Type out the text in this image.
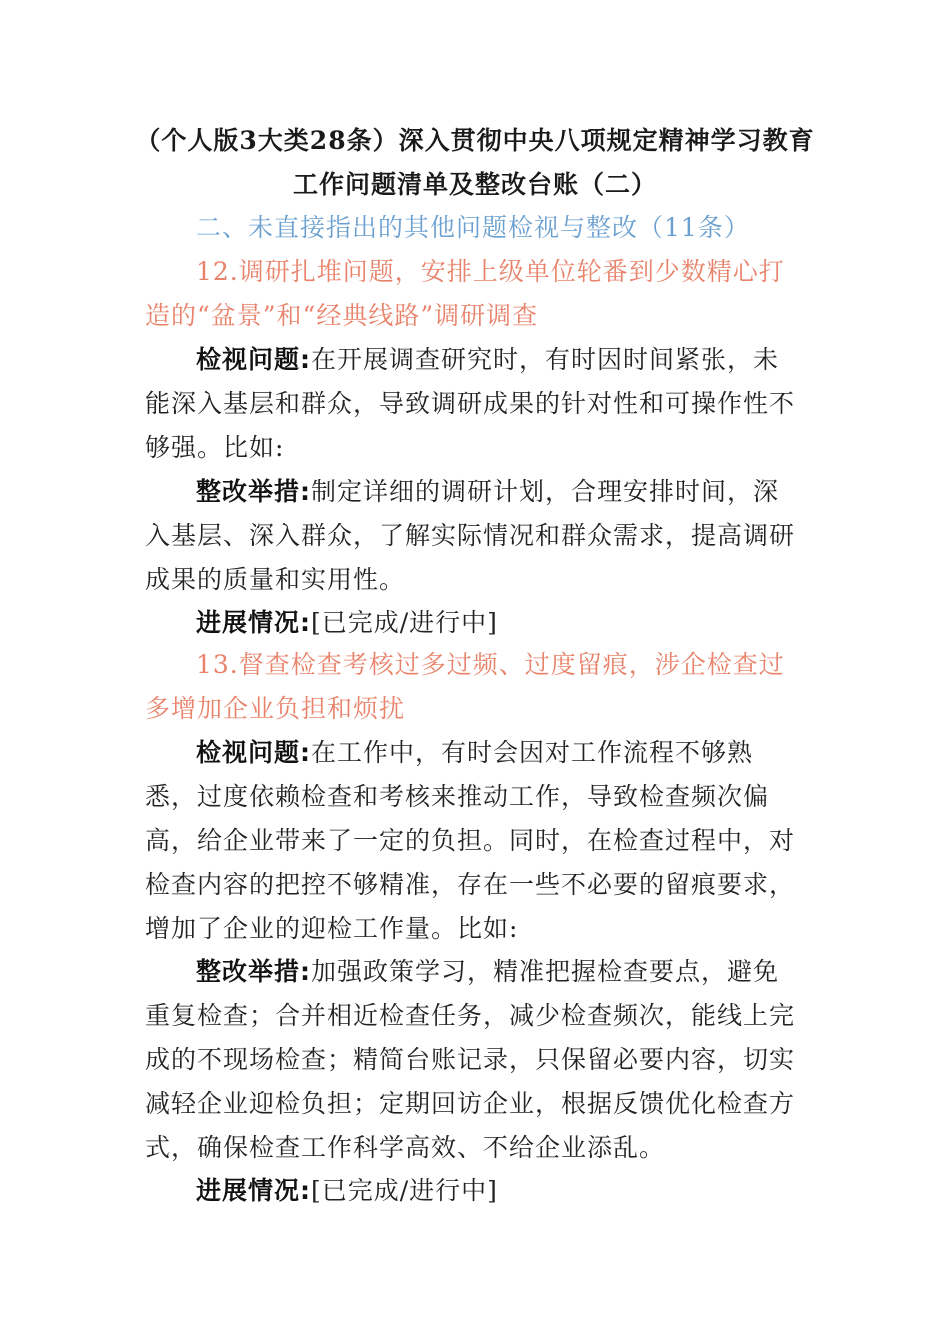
（个人版3大类28条）深入贯彻中央八项规定精神学习教育工作问题清单及整改台账（二）
二、未直接指出的其他问题检视与整改（11条）
12.调研扎堆问题，安排上级单位轮番到少数精心打造的“盆景”和“经典线路”调研调查
检视问题:在开展调查研究时，有时因时间紧张，未能深入基层和群众，导致调研成果的针对性和可操作性不够强。比如:
整改举措:制定详细的调研计划，合理安排时间，深入基层、深入群众，了解实际情况和群众需求，提高调研成果的质量和实用性。
进展情况:[已完成/进行中]
13.督查检查考核过多过频、过度留痕，涉企检查过多增加企业负担和烦扰
检视问题:在工作中，有时会因对工作流程不够熟悉，过度依赖检查和考核来推动工作，导致检查频次偏高，给企业带来了一定的负担。同时，在检查过程中，对检查内容的把控不够精准，存在一些不必要的留痕要求，增加了企业的迎检工作量。比如:
整改举措:加强政策学习，精准把握检查要点，避免重复检查；合并相近检查任务，减少检查频次，能线上完成的不现场检查；精简台账记录，只保留必要内容，切实减轻企业迎检负担；定期回访企业，根据反馈优化检查方式，确保检查工作科学高效、不给企业添乱。
进展情况:[已完成/进行中]
